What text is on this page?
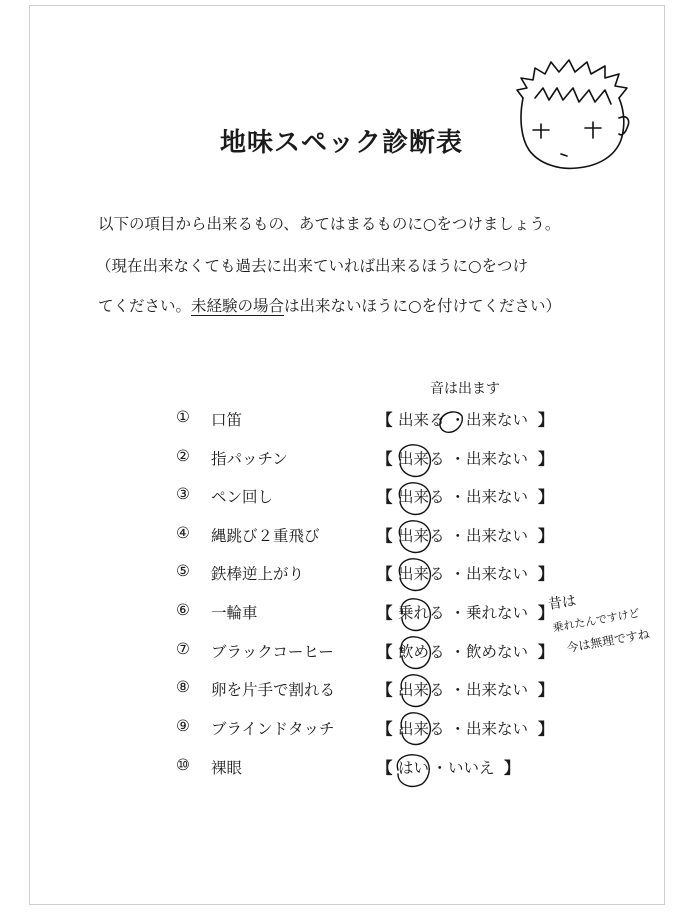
地味スペック診断表
以下の項目から出来るもの、あてはまるものに○をつけましょう。
（現在出来なくても過去に出来ていれば出来るほうに○をつけ
てください。未経験の場合は出来ないほうに○を付けてください）
① 口笛	【 出来る ・ 出来ない 】
② 指パッチン	【 出来る ・ 出来ない 】
③ ペン回し	【 出来る ・ 出来ない 】
④ 縄跳び２重飛び	【 出来る ・ 出来ない 】
⑤ 鉄棒逆上がり	【 出来る ・ 出来ない 】
⑥ 一輪車	【 乗れる ・ 乗れない 】
⑦ ブラックコーヒー	【 飲める ・ 飲めない 】
⑧ 卵を片手で割れる	【 出来る ・ 出来ない 】
⑨ ブラインドタッチ	【 出来る ・ 出来ない 】
⑩ 裸眼	【 はい ・ いいえ 】
音は出ます
昔は
乗れたんですけど
今は無理ですね
